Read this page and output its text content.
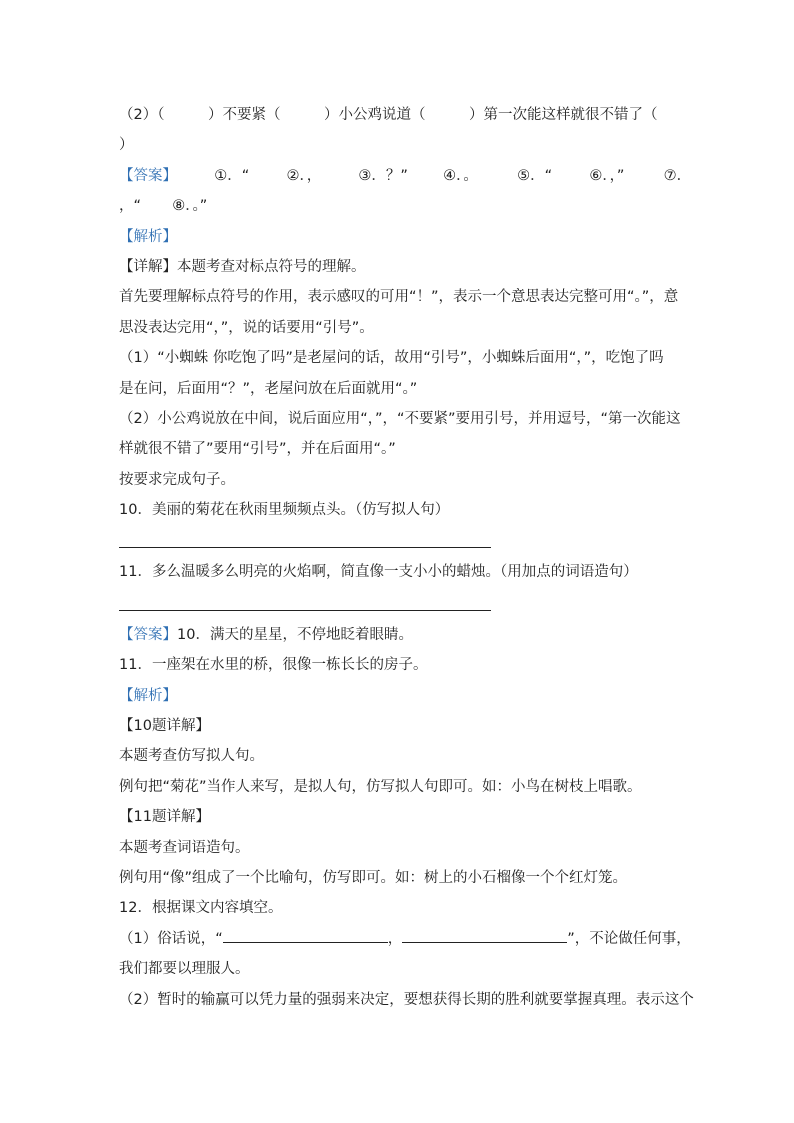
（2）（　　　）不要紧（　　　）小公鸡说道（　　　）第一次能这样就很不错了（
）
【答案】	①．“	②．，	③．？” ④．。	⑤．“	⑥．，”	⑦．
，“ ⑧．。”
【解析】
【详解】本题考查对标点符号的理解。
首先要理解标点符号的作用，表示感叹的可用“！”，表示一个意思表达完整可用“。”，意
思没表达完用“，”，说的话要用“引号”。
（1）“小蜘蛛 你吃饱了吗”是老屋问的话，故用“引号”，小蜘蛛后面用“，”，吃饱了吗
是在问，后面用“？”，老屋问放在后面就用“。”
（2）小公鸡说放在中间，说后面应用“，”，“不要紧”要用引号，并用逗号，“第一次能这
样就很不错了”要用“引号”，并在后面用“。”
按要求完成句子。
10．美丽的菊花在秋雨里频频点头。（仿写拟人句）
11．多么温暖多么明亮的火焰啊，简直像一支小小的蜡烛。（用加点的词语造句）
【答案】10．满天的星星，不停地眨着眼睛。
11．一座架在水里的桥，很像一栋长长的房子。
【解析】
【10题详解】
本题考查仿写拟人句。
例句把“菊花”当作人来写，是拟人句，仿写拟人句即可。如：小鸟在树枝上唱歌。
【11题详解】
本题考查词语造句。
例句用“像”组成了一个比喻句，仿写即可。如：树上的小石榴像一个个红灯笼。
12．根据课文内容填空。
（1）俗话说，“	，	”，不论做任何事，
我们都要以理服人。
（2）暂时的输赢可以凭力量的强弱来决定，要想获得长期的胜利就要掌握真理。表示这个
